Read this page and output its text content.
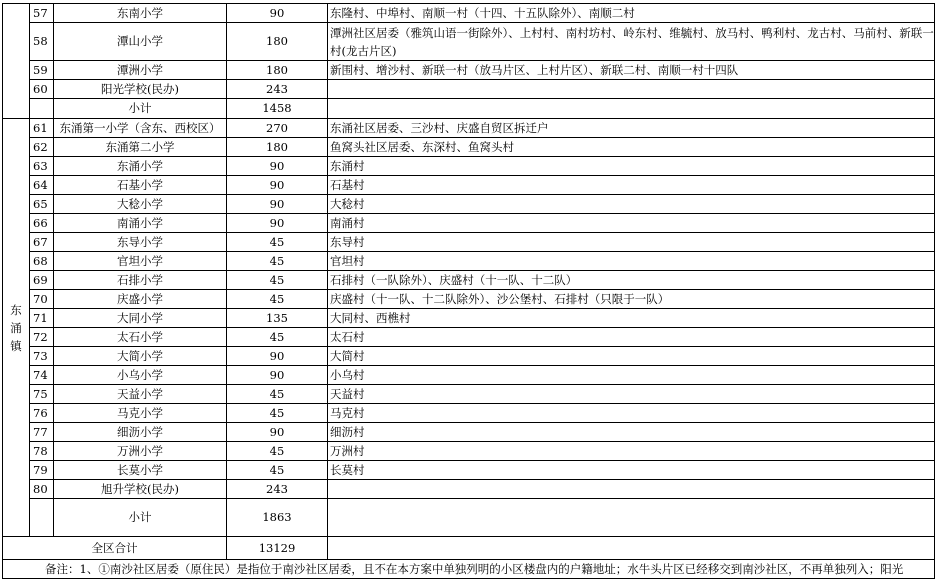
	57	东南小学	90	东隆村、中埠村、南顺一村（十四、十五队除外）、南顺二村
	58	潭山小学	180	潭洲社区居委（雅筑山语一街除外）、上村村、南村坊村、岭东村、维毓村、放马村、鸭利村、龙古村、马前村、新联一村(龙古片区)
	59	潭洲小学	180	新围村、增沙村、新联一村（放马片区、上村片区）、新联二村、南顺一村十四队
	60	阳光学校(民办)	243	
		小计	1458	

东涌镇	61	东涌第一小学（含东、西校区）	270	东涌社区居委、三沙村、庆盛自贸区拆迁户
	62	东涌第二小学	180	鱼窝头社区居委、东深村、鱼窝头村
	63	东涌小学	90	东涌村
	64	石基小学	90	石基村
	65	大稔小学	90	大稔村
	66	南涌小学	90	南涌村
	67	东导小学	45	东导村
	68	官坦小学	45	官坦村
	69	石排小学	45	石排村（一队除外）、庆盛村（十一队、十二队）
	70	庆盛小学	45	庆盛村（十一队、十二队除外）、沙公堡村、石排村（只限于一队）
	71	大同小学	135	大同村、西樵村
	72	太石小学	45	太石村
	73	大简小学	90	大简村
	74	小乌小学	90	小乌村
	75	天益小学	45	天益村
	76	马克小学	45	马克村
	77	细沥小学	90	细沥村
	78	万洲小学	45	万洲村
	79	长莫小学	45	长莫村
	80	旭升学校(民办)	243	
		小计	1863	
全区合计			13129	
备注：1、①南沙社区居委（原住民）是指位于南沙社区居委，且不在本方案中单独列明的小区楼盘内的户籍地址；水牛头片区已经移交到南沙社区，不再单独列入；阳光				
